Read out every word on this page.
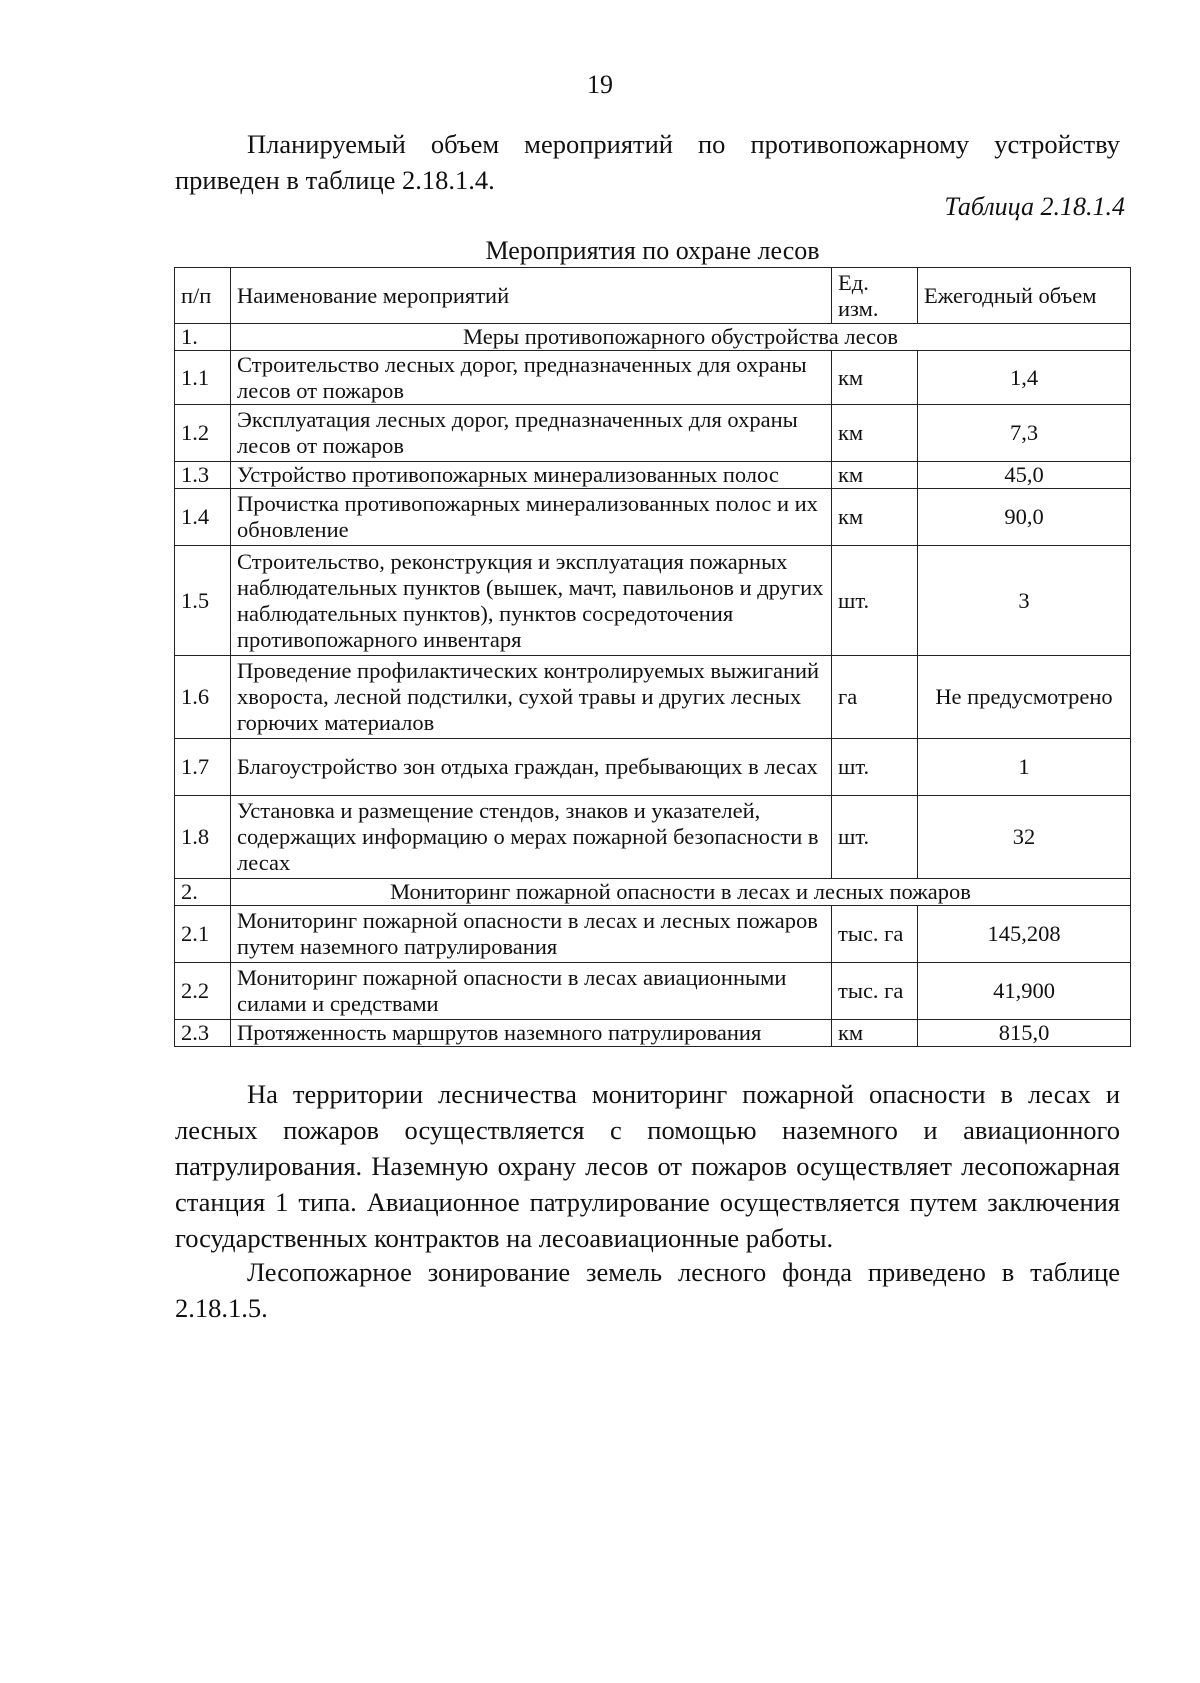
19

Планируемый объем мероприятий по противопожарному устройству приведен в таблице 2.18.1.4.

Таблица 2.18.1.4
Мероприятия по охране лесов
п/п	Наименование мероприятий	Ед. изм.	Ежегодный объем
1.	Меры противопожарного обустройства лесов		
1.1	Строительство лесных дорог, предназначенных для охраны лесов от пожаров	км	1,4
1.2	Эксплуатация лесных дорог, предназначенных для охраны лесов от пожаров	км	7,3
1.3	Устройство противопожарных минерализованных полос	км	45,0
1.4	Прочистка противопожарных минерализованных полос и их обновление	км	90,0
1.5	Строительство, реконструкция и эксплуатация пожарных наблюдательных пунктов (вышек, мачт, павильонов и других наблюдательных пунктов), пунктов сосредоточения противопожарного инвентаря	шт.	3
1.6	Проведение профилактических контролируемых выжиганий хвороста, лесной подстилки, сухой травы и других лесных горючих материалов	га	Не предусмотрено
1.7	Благоустройство зон отдыха граждан, пребывающих в лесах	шт.	1
1.8	Установка и размещение стендов, знаков и указателей, содержащих информацию о мерах пожарной безопасности в лесах	шт.	32
2.	Мониторинг пожарной опасности в лесах и лесных пожаров		
2.1	Мониторинг пожарной опасности в лесах и лесных пожаров путем наземного патрулирования	тыс. га	145,208
2.2	Мониторинг пожарной опасности в лесах авиационными силами и средствами	тыс. га	41,900
2.3	Протяженность маршрутов наземного патрулирования	км	815,0

На территории лесничества мониторинг пожарной опасности в лесах и лесных пожаров осуществляется с помощью наземного и авиационного патрулирования. Наземную охрану лесов от пожаров осуществляет лесопожарная станция 1 типа. Авиационное патрулирование осуществляется путем заключения государственных контрактов на лесоавиационные работы.

Лесопожарное зонирование земель лесного фонда приведено в таблице 2.18.1.5.
